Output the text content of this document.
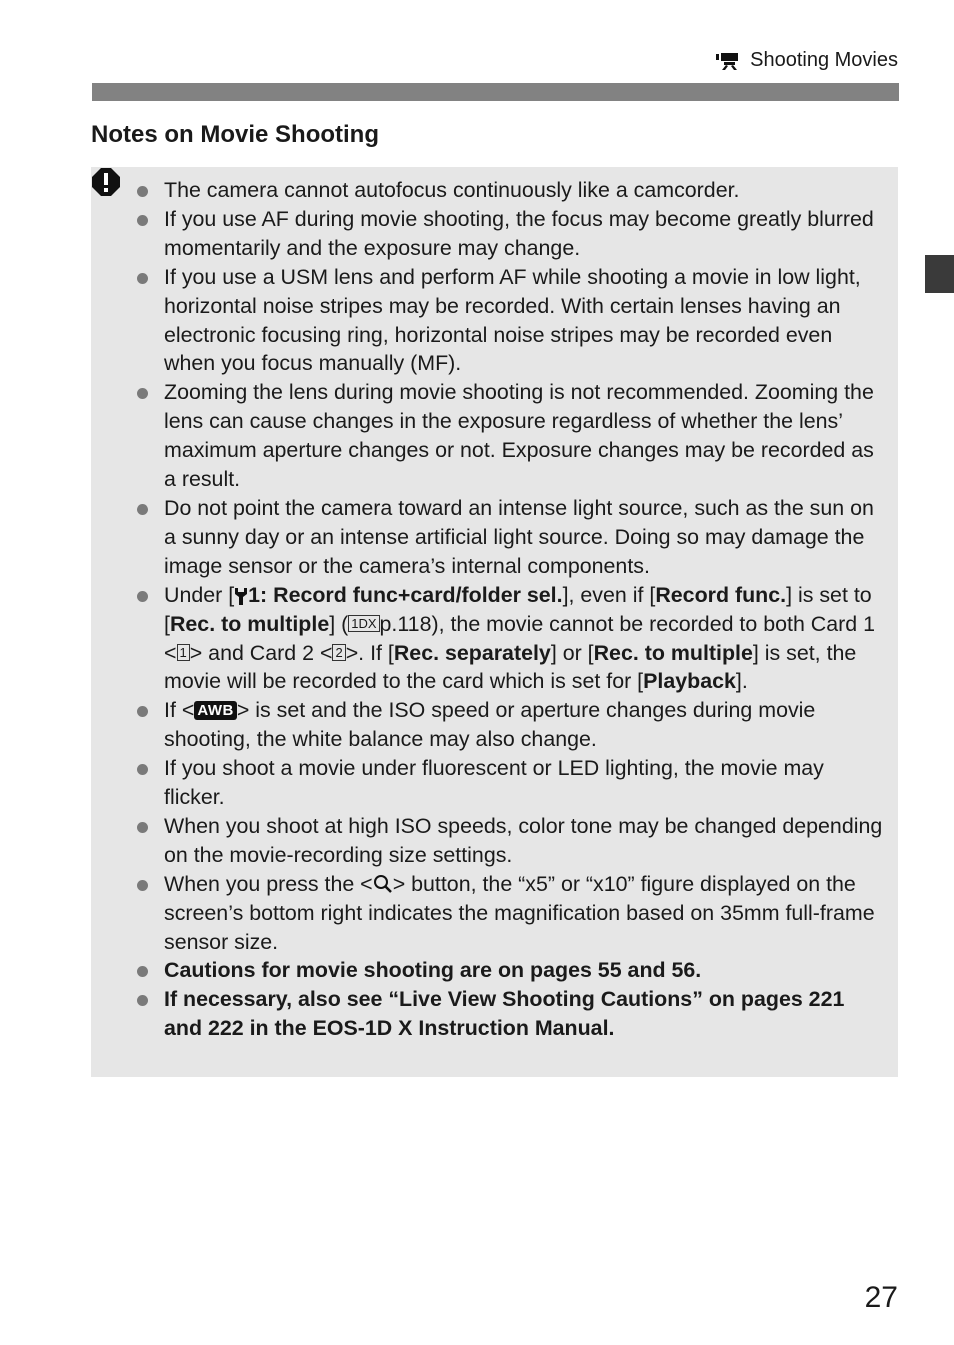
Shooting Movies
Notes on Movie Shooting
The camera cannot autofocus continuously like a camcorder.
If you use AF during movie shooting, the focus may become greatly blurred momentarily and the exposure may change.
If you use a USM lens and perform AF while shooting a movie in low light, horizontal noise stripes may be recorded. With certain lenses having an electronic focusing ring, horizontal noise stripes may be recorded even when you focus manually (MF).
Zooming the lens during movie shooting is not recommended. Zooming the lens can cause changes in the exposure regardless of whether the lens’ maximum aperture changes or not. Exposure changes may be recorded as a result.
Do not point the camera toward an intense light source, such as the sun on a sunny day or an intense artificial light source. Doing so may damage the image sensor or the camera’s internal components.
Under [ 1: Record func+card/folder sel.], even if [Record func.] is set to [Rec. to multiple] ( 1DX p.118), the movie cannot be recorded to both Card 1 < 1 > and Card 2 < 2 >. If [Rec. separately] or [Rec. to multiple] is set, the movie will be recorded to the card which is set for [Playback].
If < AWB > is set and the ISO speed or aperture changes during movie shooting, the white balance may also change.
If you shoot a movie under fluorescent or LED lighting, the movie may flicker.
When you shoot at high ISO speeds, color tone may be changed depending on the movie-recording size settings.
When you press the < > button, the “x5” or “x10” figure displayed on the screen’s bottom right indicates the magnification based on 35mm full-frame sensor size.
Cautions for movie shooting are on pages 55 and 56.
If necessary, also see “Live View Shooting Cautions” on pages 221 and 222 in the EOS-1D X Instruction Manual.
27
